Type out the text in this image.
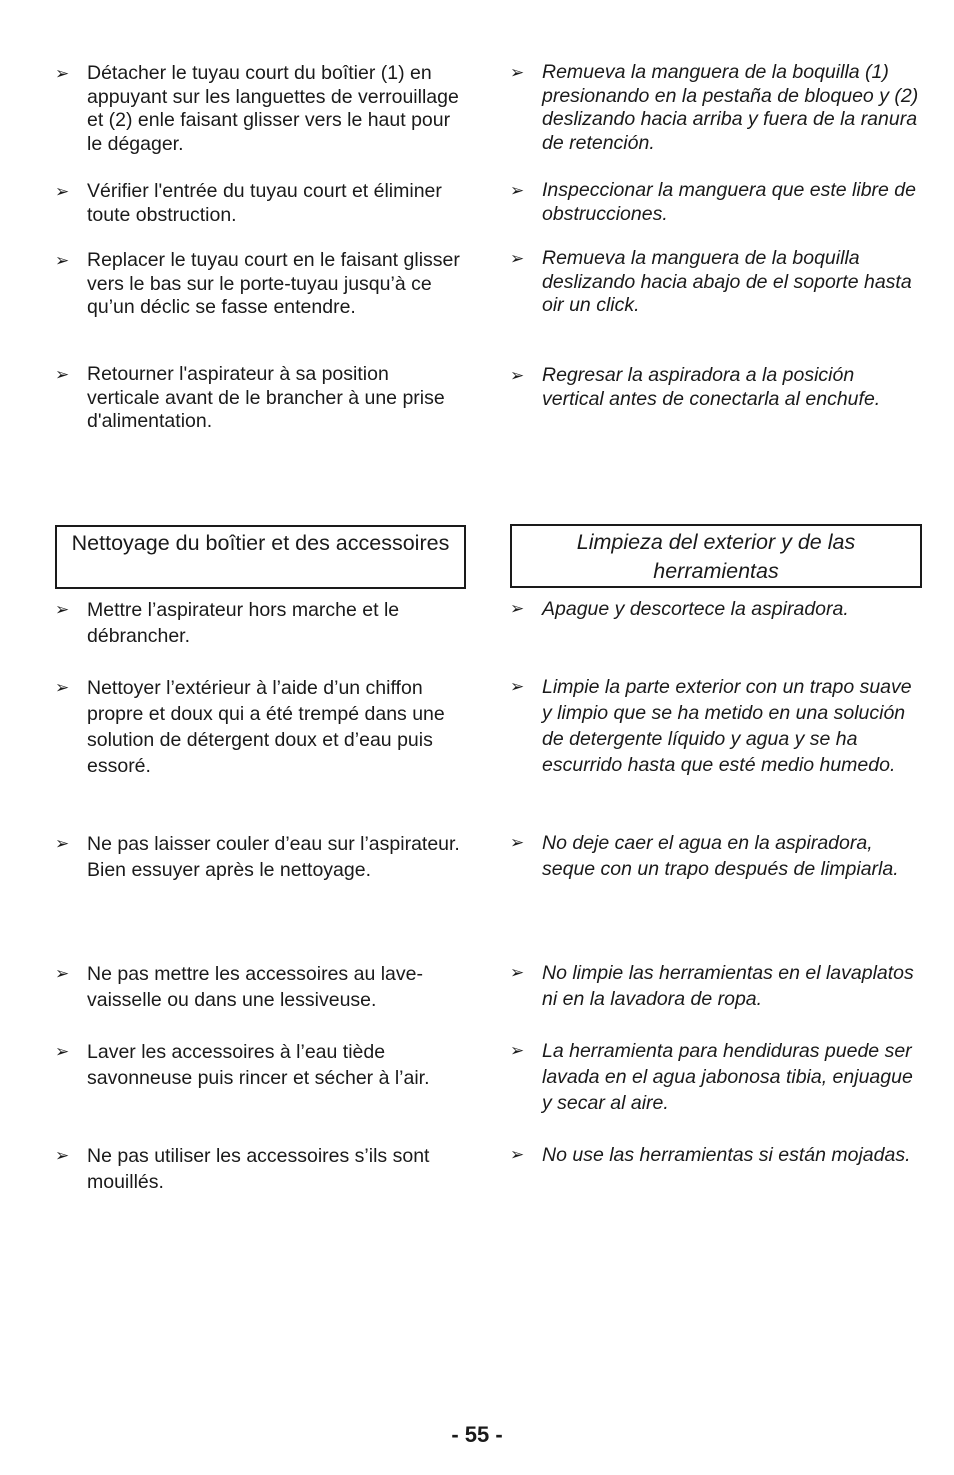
➢ Détacher le tuyau court du boîtier (1) en appuyant sur les languettes de verrouillage et (2) enle faisant glisser vers le haut pour le dégager.
➢ Vérifier l'entrée du tuyau court et éliminer toute obstruction.
➢ Replacer le tuyau court en le faisant glisser vers le bas sur le porte-tuyau jusqu’à ce qu’un déclic se fasse entendre.
➢ Retourner l'aspirateur à sa position verticale avant de le brancher à une prise d'alimentation.
Nettoyage du boîtier et des accessoires
➢ Mettre l’aspirateur hors marche et le débrancher.
➢ Nettoyer l’extérieur à l’aide d’un chiffon propre et doux qui a été trempé dans une solution de détergent doux et d’eau puis essoré.
➢ Ne pas laisser couler d’eau sur l’aspirateur. Bien essuyer après le nettoyage.
➢ Ne pas mettre les accessoires au lave-vaisselle ou dans une lessiveuse.
➢ Laver les accessoires à l’eau tiède savonneuse puis rincer et sécher à l’air.
➢ Ne pas utiliser les accessoires s’ils sont mouillés.
➢ Remueva la manguera de la boquilla (1) presionando en la pestaña de bloqueo y (2) deslizando hacia arriba y fuera de la ranura de retención.
➢ Inspeccionar la manguera que este libre de obstrucciones.
➢ Remueva la manguera de la boquilla deslizando hacia abajo de el soporte hasta oir un click.
➢ Regresar la aspiradora a la posición vertical antes de conectarla al enchufe.
Limpieza del exterior y de las herramientas
➢ Apague y descortece la aspiradora.
➢ Limpie la parte exterior con un trapo suave y limpio que se ha metido en una solución de detergente líquido y agua y se ha escurrido hasta que esté medio humedo.
➢ No deje caer el agua en la aspiradora, seque con un trapo después de limpiarla.
➢ No limpie las herramientas en el lavaplatos ni en la lavadora de ropa.
➢ La herramienta para hendiduras puede ser lavada en el agua jabonosa tibia, enjuague y secar al aire.
➢ No use las herramientas si están mojadas.
- 55 -
